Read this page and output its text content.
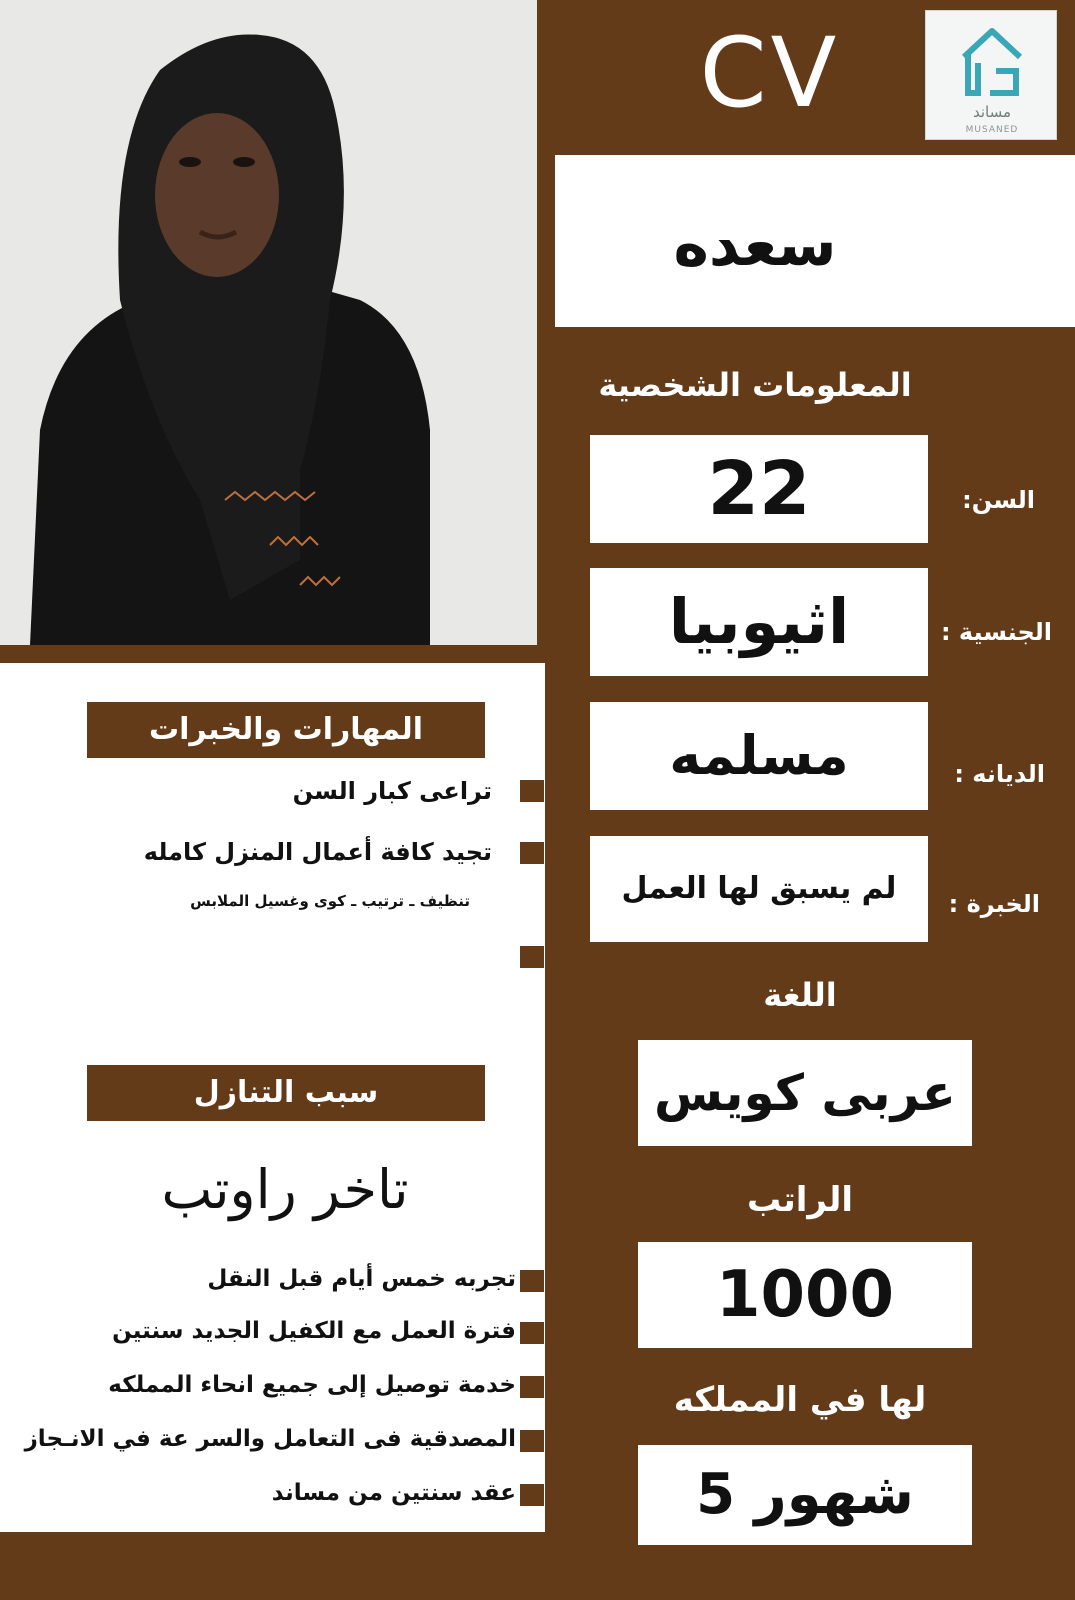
CV	مساند
MUSANED
سعده
المعلومات الشخصية
22	السن:
اثيوبيا	الجنسية :
مسلمه	الديانه :
لم يسبق لها العمل	الخبرة :
اللغة
عربى كويس
الراتب
1000
لها في المملكه
5 شهور
المهارات والخبرات
تراعى كبار السن
تجيد كافة أعمال المنزل كامله
تنظيف ـ ترتيب ـ كوى وغسيل الملابس
سبب التنازل
تاخر راوتب
تجربه خمس أيام قبل النقل
فترة العمل مع الكفيل الجديد سنتين
خدمة توصيل إلى جميع انحاء المملكه
المصدقية فى التعامل والسر عة في الانـجاز
عقد سنتين من مساند
